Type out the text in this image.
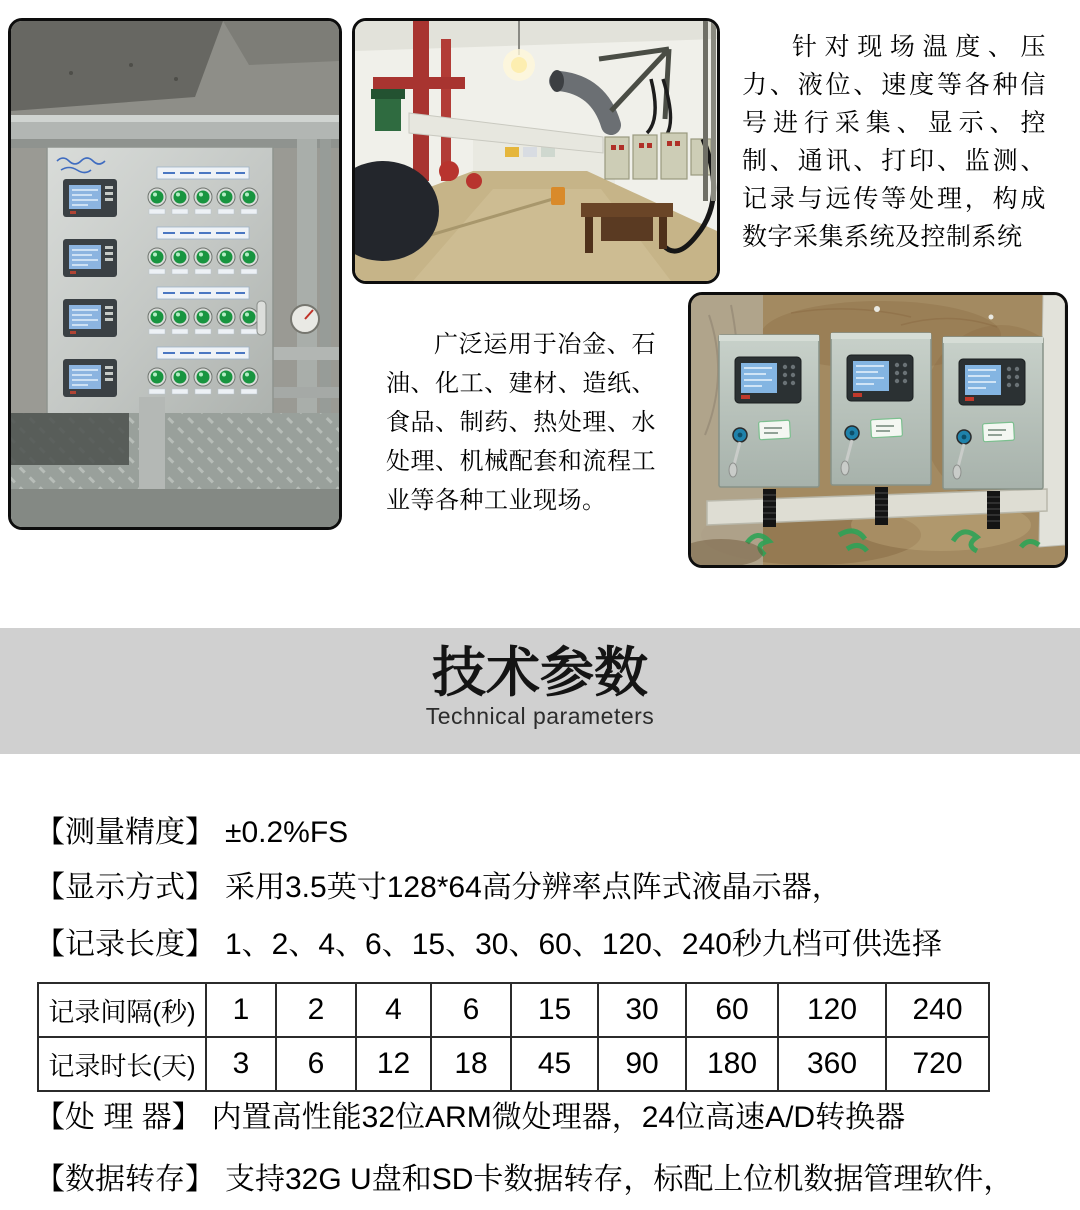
针对现场温度、压力、液位、速度等各种信号进行采集、显示、控制、通讯、打印、监测、记录与远传等处理，构成数字采集系统及控制系统
广泛运用于冶金、石油、化工、建材、造纸、食品、制药、热处理、水处理、机械配套和流程工业等各种工业现场。
技术参数
Technical parameters
【测量精度】 ±0.2%FS
【显示方式】 采用3.5英寸128*64高分辨率点阵式液晶示器，
【记录长度】 1、2、4、6、15、30、60、120、240秒九档可供选择
记录间隔(秒)	1	2	4	6	15	30	60	120	240
记录时长(天)	3	6	12	18	45	90	180	360	720
【处 理 器】 内置高性能32位ARM微处理器，24位高速A/D转换器
【数据转存】 支持32G U盘和SD卡数据转存，标配上位机数据管理软件，
